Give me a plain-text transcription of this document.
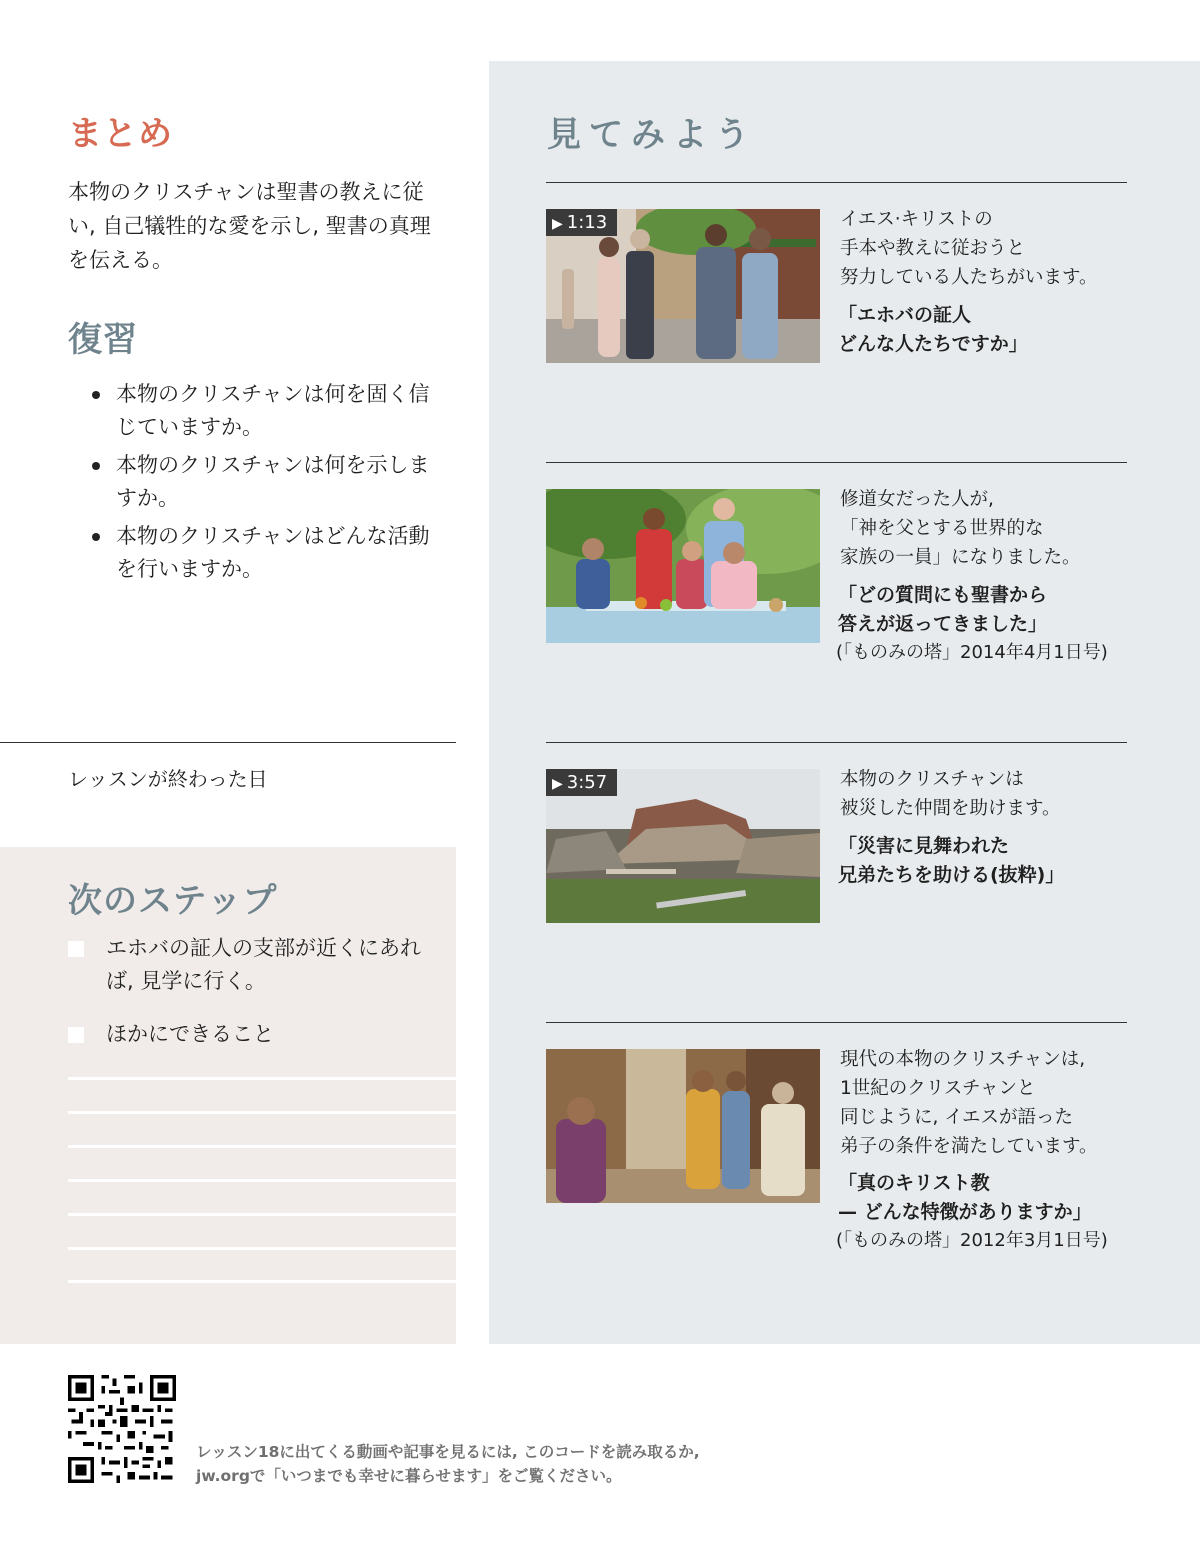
まとめ

本物のクリスチャンは聖書の教えに従い, 自己犠牲的な愛を示し, 聖書の真理を伝える。

復習
本物のクリスチャンは何を固く信じていますか。
本物のクリスチャンは何を示しますか。
本物のクリスチャンはどんな活動を行いますか。
レッスンが終わった日
次のステップ
エホバの証人の支部が近くにあれば, 見学に行く。
ほかにできること
見てみよう
▶ 1:13	イエス·キリストの
手本や教えに従おうと
努力している人たちがいます。
「エホバの証人
どんな人たちですか」
修道女だった人が,
「神を父とする世界的な
家族の一員」になりました。
「どの質問にも聖書から
答えが返ってきました」
(「ものみの塔」2014年4月1日号)
▶ 3:57	本物のクリスチャンは
被災した仲間を助けます。
「災害に見舞われた
兄弟たちを助ける(抜粋)」
現代の本物のクリスチャンは,
1世紀のクリスチャンと
同じように, イエスが語った
弟子の条件を満たしています。
「真のキリスト教
— どんな特徴がありますか」
(「ものみの塔」2012年3月1日号)
レッスン18に出てくる動画や記事を見るには, このコードを読み取るか,
jw.orgで「いつまでも幸せに暮らせます」をご覧ください。
